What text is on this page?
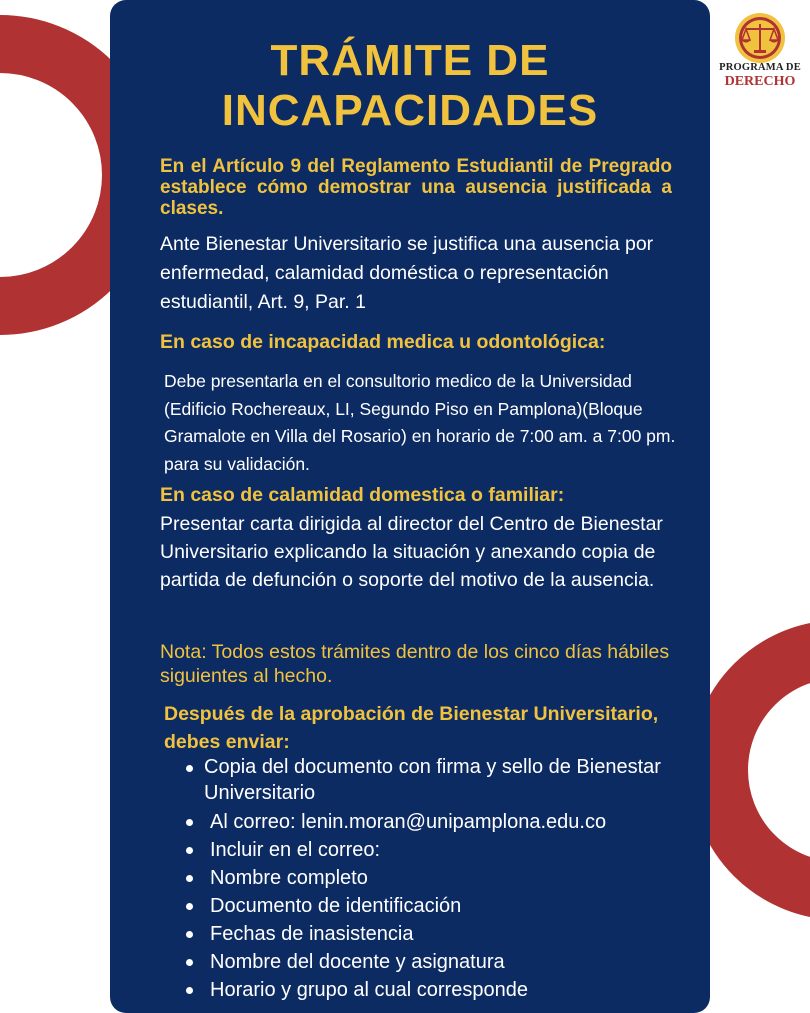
TRÁMITE DE
INCAPACIDADES

En el Artículo 9 del Reglamento Estudiantil de Pregrado establece cómo demostrar una ausencia justificada a clases.

Ante Bienestar Universitario se justifica una ausencia por enfermedad, calamidad doméstica o representación estudiantil, Art. 9, Par. 1

En caso de incapacidad medica u odontológica:

Debe presentarla en el consultorio medico de la Universidad (Edificio Rochereaux, LI, Segundo Piso en Pamplona)(Bloque Gramalote en Villa del Rosario) en horario de 7:00 am. a 7:00 pm. para su validación.

En caso de calamidad domestica o familiar:

Presentar carta dirigida al director del Centro de Bienestar Universitario explicando la situación y anexando copia de partida de defunción o soporte del motivo de la ausencia.

Nota: Todos estos trámites dentro de los cinco días hábiles siguientes al hecho.

Después de la aprobación de Bienestar Universitario, debes enviar:

Copia del documento con firma y sello de Bienestar Universitario
Al correo: lenin.moran@unipamplona.edu.co
Incluir en el correo:
Nombre completo
Documento de identificación
Fechas de inasistencia
Nombre del docente y asignatura
Horario y grupo al cual corresponde
PROGRAMA DE
DERECHO
